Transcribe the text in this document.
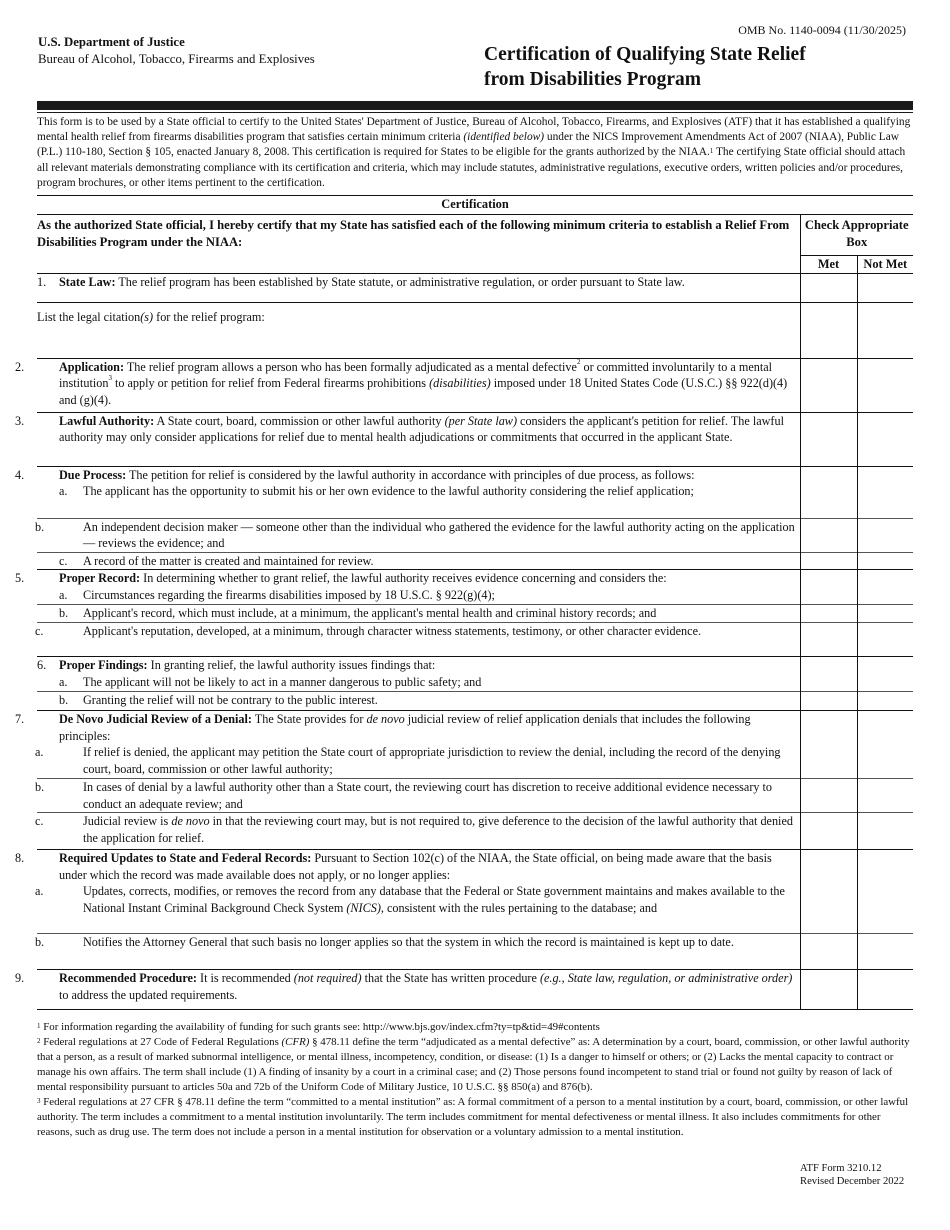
U.S. Department of Justice
Bureau of Alcohol, Tobacco, Firearms and Explosives
OMB No. 1140-0094 (11/30/2025)
Certification of Qualifying State Relief
from Disabilities Program
This form is to be used by a State official to certify to the United States' Department of Justice, Bureau of Alcohol, Tobacco, Firearms, and Explosives (ATF) that it has established a qualifying mental health relief from firearms disabilities program that satisfies certain minimum criteria (identified below) under the NICS Improvement Amendments Act of 2007 (NIAA), Public Law (P.L.) 110-180, Section § 105, enacted January 8, 2008. This certification is required for States to be eligible for the grants authorized by the NIAA.$^1$ The certifying State official should attach all relevant materials demonstrating compliance with its certification and criteria, which may include statutes, administrative regulations, executive orders, written policies and/or procedures, program brochures, or other items pertinent to the certification.
Certification		
As the authorized State official, I hereby certify that my State has satisfied each of the following minimum criteria to establish a Relief From Disabilities Program under the NIAA:	Check Appropriate Box	
	Met	Not Met
1. State Law: The relief program has been established by State statute, or administrative regulation, or order pursuant to State law.		
List the legal citation(s) for the relief program:		

2. Application: The relief program allows a person who has been formally adjudicated as a mental defective$^2$ or committed involuntarily to a mental institution$^3$ to apply or petition for relief from Federal firearms prohibitions (disabilities) imposed under 18 United States Code (U.S.C.) §§ 922(d)(4) and (g)(4).		

3. Lawful Authority: A State court, board, commission or other lawful authority (per State law) considers the applicant's petition for relief. The lawful authority may only consider applications for relief due to mental health adjudications or commitments that occurred in the applicant State.		

4. Due Process: The petition for relief is considered by the lawful authority in accordance with principles of due process, as follows:
a. The applicant has the opportunity to submit his or her own evidence to the lawful authority considering the relief application;		

b. An independent decision maker — someone other than the individual who gathered the evidence for the lawful authority acting on the application — reviews the evidence; and		

c. A record of the matter is created and maintained for review.		

5. Proper Record: In determining whether to grant relief, the lawful authority receives evidence concerning and considers the:
a. Circumstances regarding the firearms disabilities imposed by 18 U.S.C. § 922(g)(4);		

b. Applicant's record, which must include, at a minimum, the applicant's mental health and criminal history records; and		

c. Applicant's reputation, developed, at a minimum, through character witness statements, testimony, or other character evidence.		

6. Proper Findings: In granting relief, the lawful authority issues findings that:
a. The applicant will not be likely to act in a manner dangerous to public safety; and		

b. Granting the relief will not be contrary to the public interest.		

7. De Novo Judicial Review of a Denial: The State provides for de novo judicial review of relief application denials that includes the following principles:
a. If relief is denied, the applicant may petition the State court of appropriate jurisdiction to review the denial, including the record of the denying court, board, commission or other lawful authority;		

b. In cases of denial by a lawful authority other than a State court, the reviewing court has discretion to receive additional evidence necessary to conduct an adequate review; and		

c. Judicial review is de novo in that the reviewing court may, but is not required to, give deference to the decision of the lawful authority that denied the application for relief.		

8. Required Updates to State and Federal Records: Pursuant to Section 102(c) of the NIAA, the State official, on being made aware that the basis under which the record was made available does not apply, or no longer applies:
a. Updates, corrects, modifies, or removes the record from any database that the Federal or State government maintains and makes available to the National Instant Criminal Background Check System (NICS), consistent with the rules pertaining to the database; and		

b. Notifies the Attorney General that such basis no longer applies so that the system in which the record is maintained is kept up to date.		

9. Recommended Procedure: It is recommended (not required) that the State has written procedure (e.g., State law, regulation, or administrative order) to address the updated requirements.		

$^1$ For information regarding the availability of funding for such grants see: http://www.bjs.gov/index.cfm?ty=tp&tid=49#contents

$^2$ Federal regulations at 27 Code of Federal Regulations (CFR) § 478.11 define the term “adjudicated as a mental defective” as: A determination by a court, board, commission, or other lawful authority that a person, as a result of marked subnormal intelligence, or mental illness, incompetency, condition, or disease: (1) Is a danger to himself or others; or (2) Lacks the mental capacity to contract or manage his own affairs. The term shall include (1) A finding of insanity by a court in a criminal case; and (2) Those persons found incompetent to stand trial or found not guilty by reason of lack of mental responsibility pursuant to articles 50a and 72b of the Uniform Code of Military Justice, 10 U.S.C. §§ 850(a) and 876(b).

$^3$ Federal regulations at 27 CFR § 478.11 define the term “committed to a mental institution” as: A formal commitment of a person to a mental institution by a court, board, commission, or other lawful authority. The term includes a commitment to a mental institution involuntarily. The term includes commitment for mental defectiveness or mental illness. It also includes commitments for other reasons, such as drug use. The term does not include a person in a mental institution for observation or a voluntary admission to a mental institution.

ATF Form 3210.12
Revised December 2022
